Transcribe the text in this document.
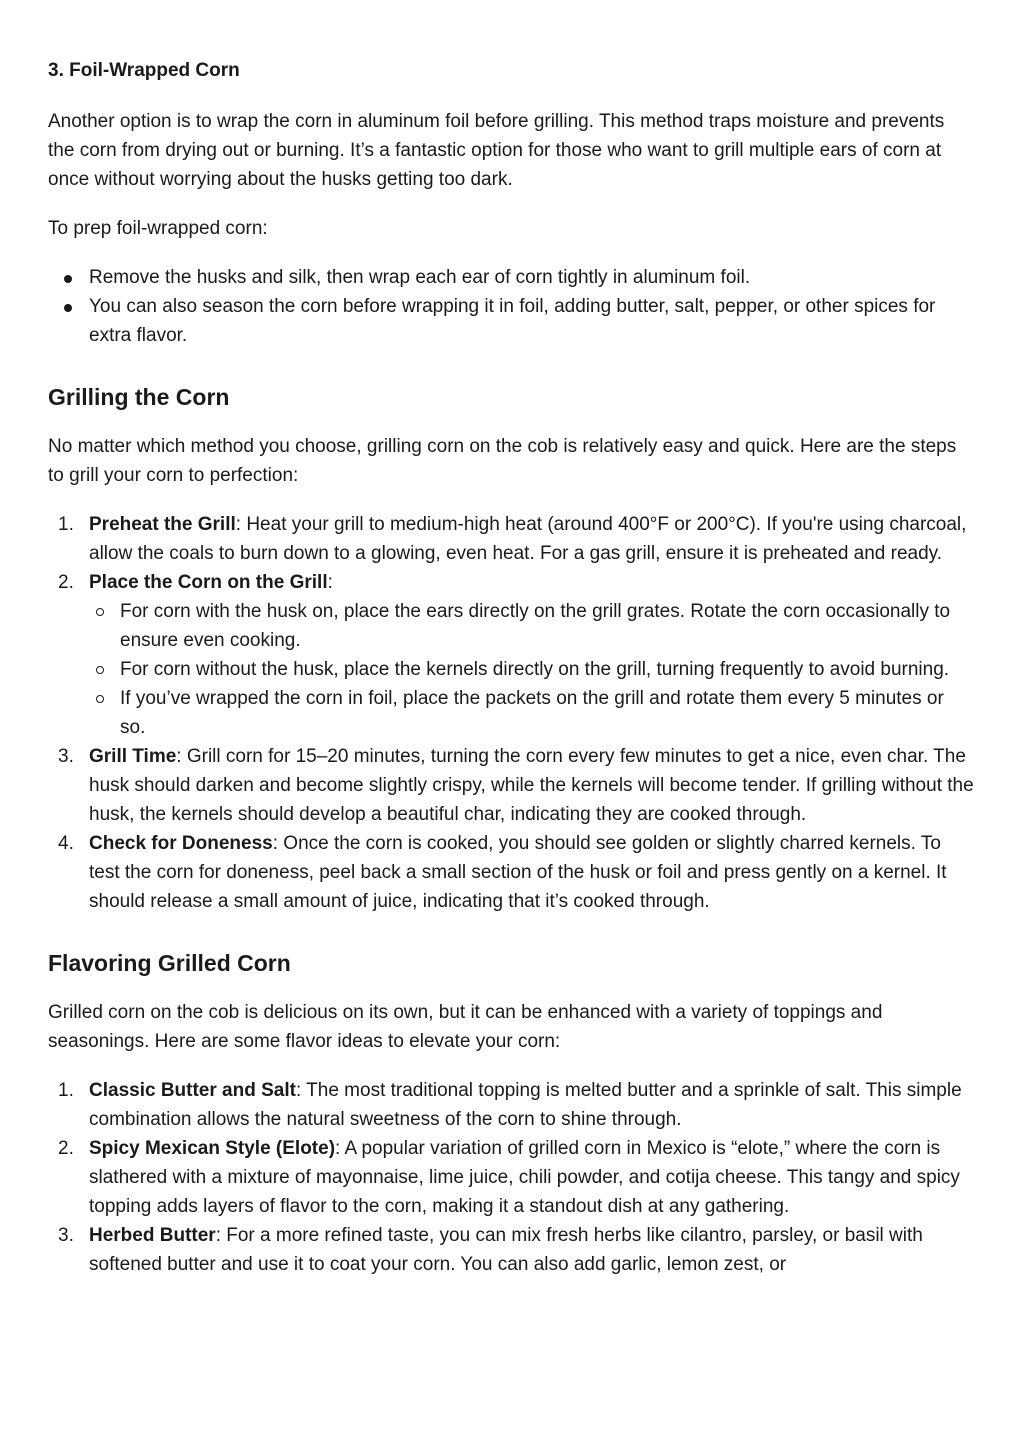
3. Foil-Wrapped Corn

Another option is to wrap the corn in aluminum foil before grilling. This method traps moisture and prevents the corn from drying out or burning. It’s a fantastic option for those who want to grill multiple ears of corn at once without worrying about the husks getting too dark.

To prep foil-wrapped corn:

Remove the husks and silk, then wrap each ear of corn tightly in aluminum foil.
You can also season the corn before wrapping it in foil, adding butter, salt, pepper, or other spices for extra flavor.
Grilling the Corn

No matter which method you choose, grilling corn on the cob is relatively easy and quick. Here are the steps to grill your corn to perfection:

1. Preheat the Grill: Heat your grill to medium-high heat (around 400°F or 200°C). If you're using charcoal, allow the coals to burn down to a glowing, even heat. For a gas grill, ensure it is preheated and ready.
2. Place the Corn on the Grill:
For corn with the husk on, place the ears directly on the grill grates. Rotate the corn occasionally to ensure even cooking.
For corn without the husk, place the kernels directly on the grill, turning frequently to avoid burning.
If you’ve wrapped the corn in foil, place the packets on the grill and rotate them every 5 minutes or so.
3. Grill Time: Grill corn for 15–20 minutes, turning the corn every few minutes to get a nice, even char. The husk should darken and become slightly crispy, while the kernels will become tender. If grilling without the husk, the kernels should develop a beautiful char, indicating they are cooked through.
4. Check for Doneness: Once the corn is cooked, you should see golden or slightly charred kernels. To test the corn for doneness, peel back a small section of the husk or foil and press gently on a kernel. It should release a small amount of juice, indicating that it’s cooked through.
Flavoring Grilled Corn

Grilled corn on the cob is delicious on its own, but it can be enhanced with a variety of toppings and seasonings. Here are some flavor ideas to elevate your corn:

1. Classic Butter and Salt: The most traditional topping is melted butter and a sprinkle of salt. This simple combination allows the natural sweetness of the corn to shine through.
2. Spicy Mexican Style (Elote): A popular variation of grilled corn in Mexico is “elote,” where the corn is slathered with a mixture of mayonnaise, lime juice, chili powder, and cotija cheese. This tangy and spicy topping adds layers of flavor to the corn, making it a standout dish at any gathering.
3. Herbed Butter: For a more refined taste, you can mix fresh herbs like cilantro, parsley, or basil with softened butter and use it to coat your corn. You can also add garlic, lemon zest, or
